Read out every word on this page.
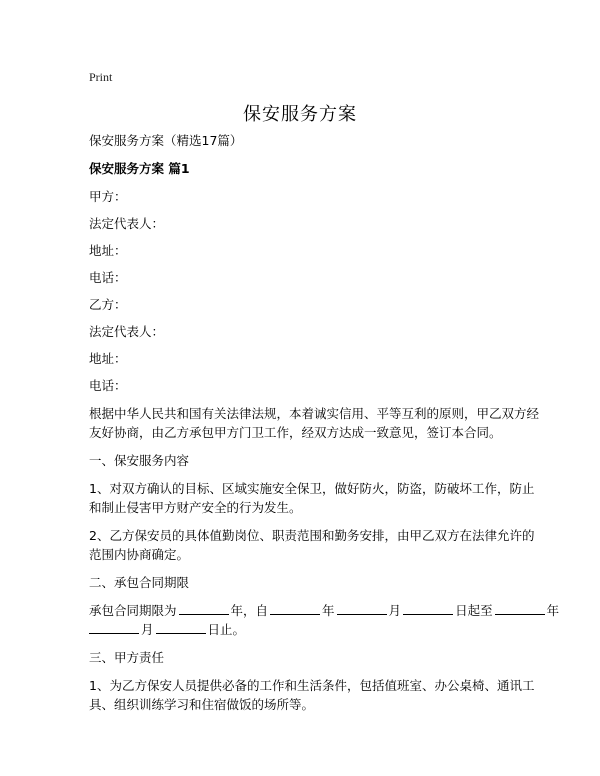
Print
保安服务方案
保安服务方案（精选17篇）
保安服务方案 篇1
甲方：
法定代表人：
地址：
电话：
乙方：
法定代表人：
地址：
电话：
根据中华人民共和国有关法律法规，本着诚实信用、平等互利的原则，甲乙双方经
友好协商，由乙方承包甲方门卫工作，经双方达成一致意见，签订本合同。
一、保安服务内容
1、对双方确认的目标、区域实施安全保卫，做好防火，防盗，防破坏工作，防止
和制止侵害甲方财产安全的行为发生。
2、乙方保安员的具体值勤岗位、职责范围和勤务安排，由甲乙双方在法律允许的
范围内协商确定。
二、承包合同期限
承包合同期限为	年，自	年	月	日起至	年
月	日止。
三、甲方责任
1、为乙方保安人员提供必备的工作和生活条件，包括值班室、办公桌椅、通讯工
具、组织训练学习和住宿做饭的场所等。
